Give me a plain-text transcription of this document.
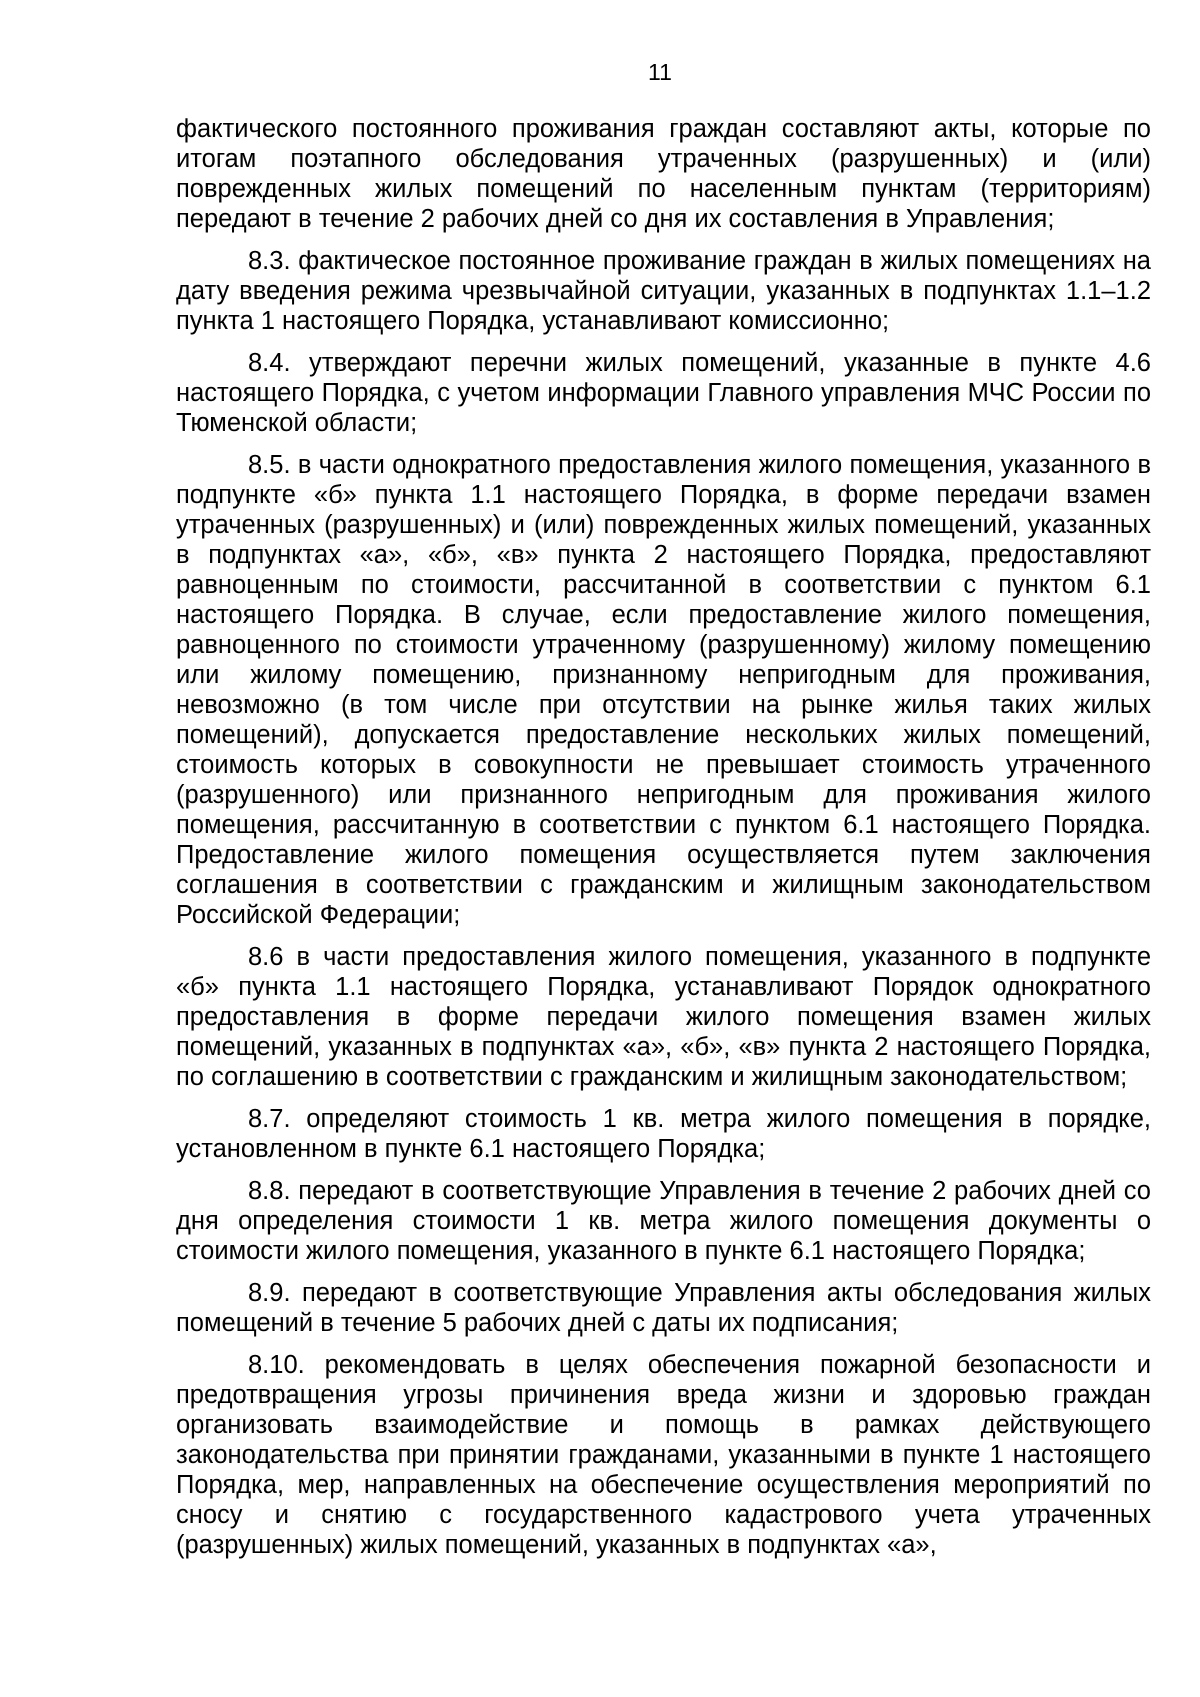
11

фактического постоянного проживания граждан составляют акты, которые по итогам поэтапного обследования утраченных (разрушенных) и (или) поврежденных жилых помещений по населенным пунктам (территориям) передают в течение 2 рабочих дней со дня их составления в Управления;

8.3. фактическое постоянное проживание граждан в жилых помещениях на дату введения режима чрезвычайной ситуации, указанных в подпунктах 1.1–1.2 пункта 1 настоящего Порядка, устанавливают комиссионно;

8.4. утверждают перечни жилых помещений, указанные в пункте 4.6 настоящего Порядка, с учетом информации Главного управления МЧС России по Тюменской области;

8.5. в части однократного предоставления жилого помещения, указанного в подпункте «б» пункта 1.1 настоящего Порядка, в форме передачи взамен утраченных (разрушенных) и (или) поврежденных жилых помещений, указанных в подпунктах «а», «б», «в» пункта 2 настоящего Порядка, предоставляют равноценным по стоимости, рассчитанной в соответствии с пунктом 6.1 настоящего Порядка. В случае, если предоставление жилого помещения, равноценного по стоимости утраченному (разрушенному) жилому помещению или жилому помещению, признанному непригодным для проживания, невозможно (в том числе при отсутствии на рынке жилья таких жилых помещений), допускается предоставление нескольких жилых помещений, стоимость которых в совокупности не превышает стоимость утраченного (разрушенного) или признанного непригодным для проживания жилого помещения, рассчитанную в соответствии с пунктом 6.1 настоящего Порядка. Предоставление жилого помещения осуществляется путем заключения соглашения в соответствии с гражданским и жилищным законодательством Российской Федерации;

8.6 в части предоставления жилого помещения, указанного в подпункте «б» пункта 1.1 настоящего Порядка, устанавливают Порядок однократного предоставления в форме передачи жилого помещения взамен жилых помещений, указанных в подпунктах «а», «б», «в» пункта 2 настоящего Порядка, по соглашению в соответствии с гражданским и жилищным законодательством;

8.7. определяют стоимость 1 кв. метра жилого помещения в порядке, установленном в пункте 6.1 настоящего Порядка;

8.8. передают в соответствующие Управления в течение 2 рабочих дней со дня определения стоимости 1 кв. метра жилого помещения документы о стоимости жилого помещения, указанного в пункте 6.1 настоящего Порядка;

8.9. передают в соответствующие Управления акты обследования жилых помещений в течение 5 рабочих дней с даты их подписания;

8.10. рекомендовать в целях обеспечения пожарной безопасности и предотвращения угрозы причинения вреда жизни и здоровью граждан организовать взаимодействие и помощь в рамках действующего законодательства при принятии гражданами, указанными в пункте 1 настоящего Порядка, мер, направленных на обеспечение осуществления мероприятий по сносу и снятию с государственного кадастрового учета утраченных (разрушенных) жилых помещений, указанных в подпунктах «а»,
